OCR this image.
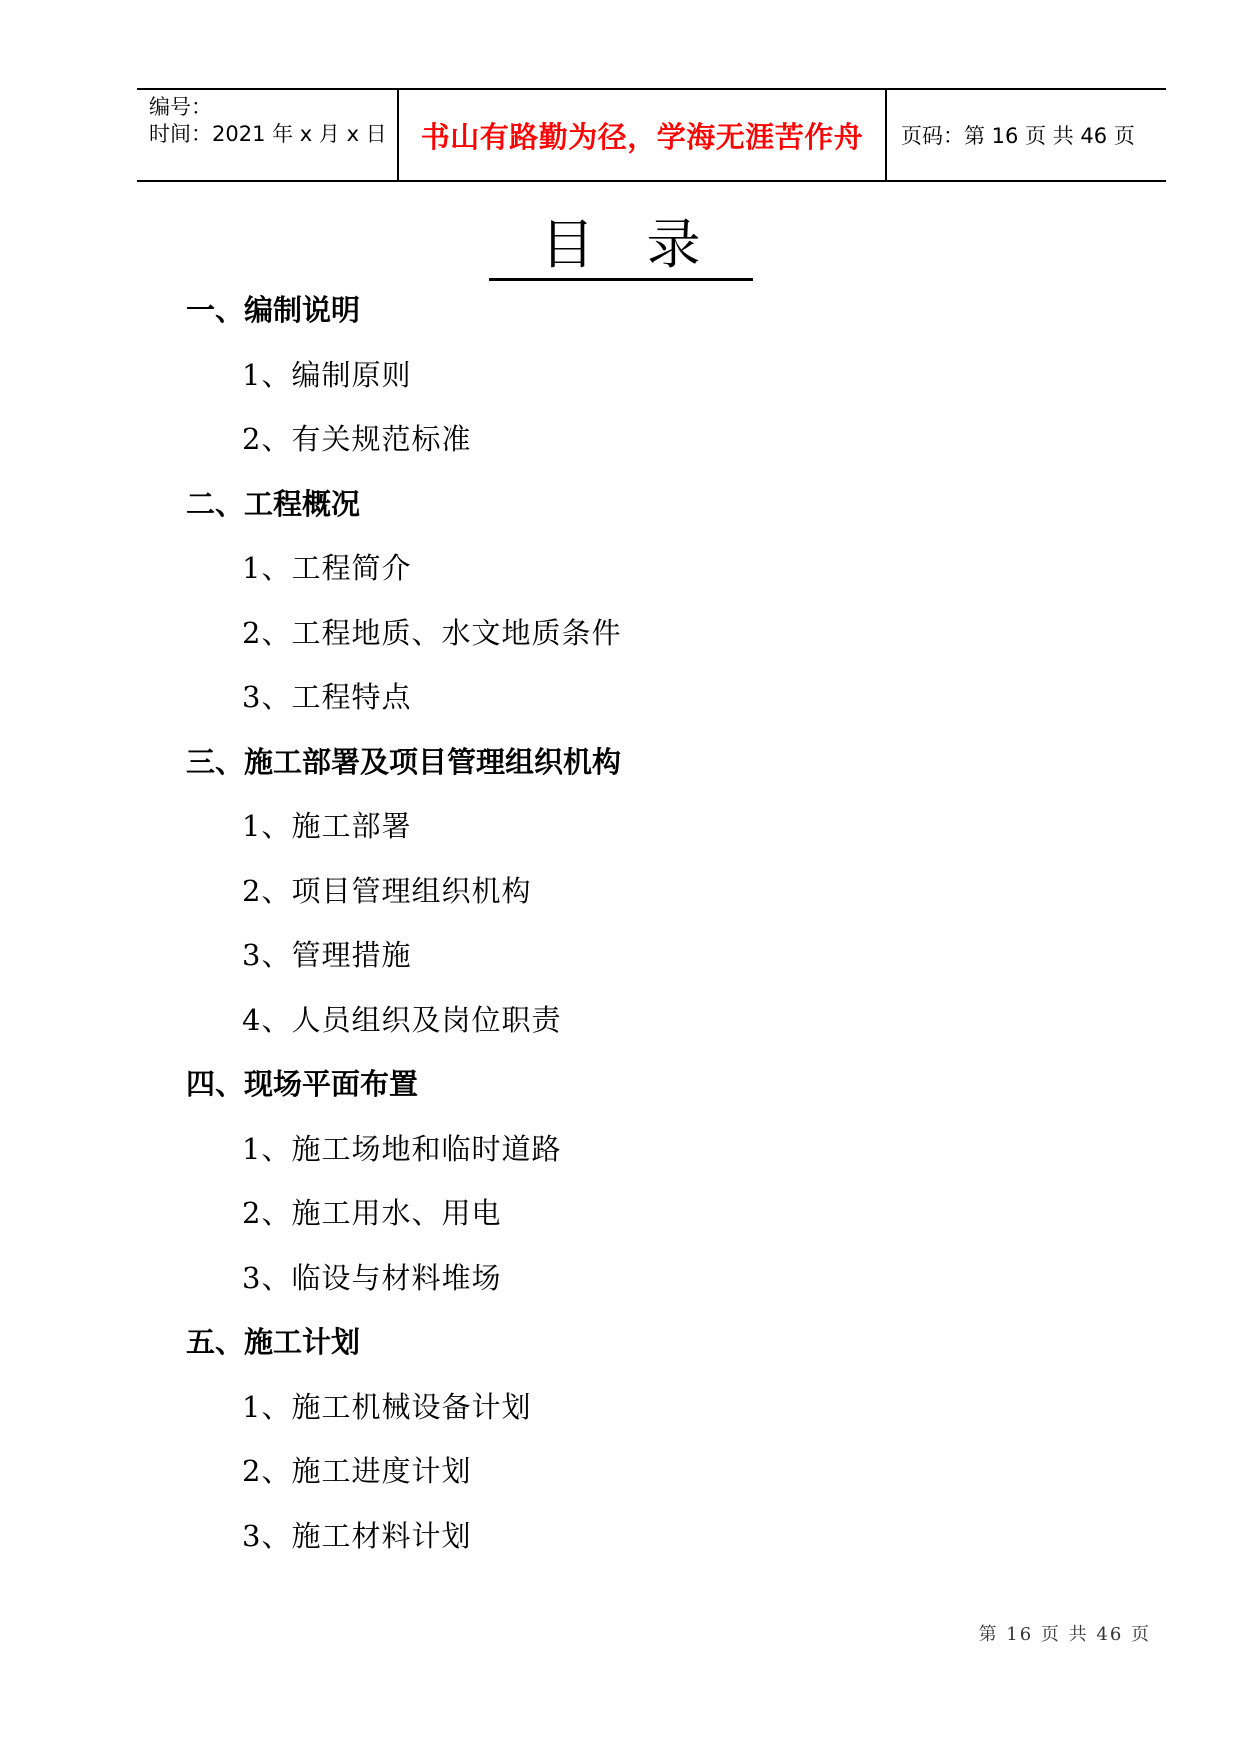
编号：
时间：2021 年 x 月 x 日 书山有路勤为径，学海无涯苦作舟 页码：第 16 页 共 46 页
目录
一、编制说明
1、编制原则
2、有关规范标准
二、工程概况
1、工程简介
2、工程地质、水文地质条件
3、工程特点
三、施工部署及项目管理组织机构
1、施工部署
2、项目管理组织机构
3、管理措施
4、人员组织及岗位职责
四、现场平面布置
1、施工场地和临时道路
2、施工用水、用电
3、临设与材料堆场
五、施工计划
1、施工机械设备计划
2、施工进度计划
3、施工材料计划
第 16 页 共 46 页
